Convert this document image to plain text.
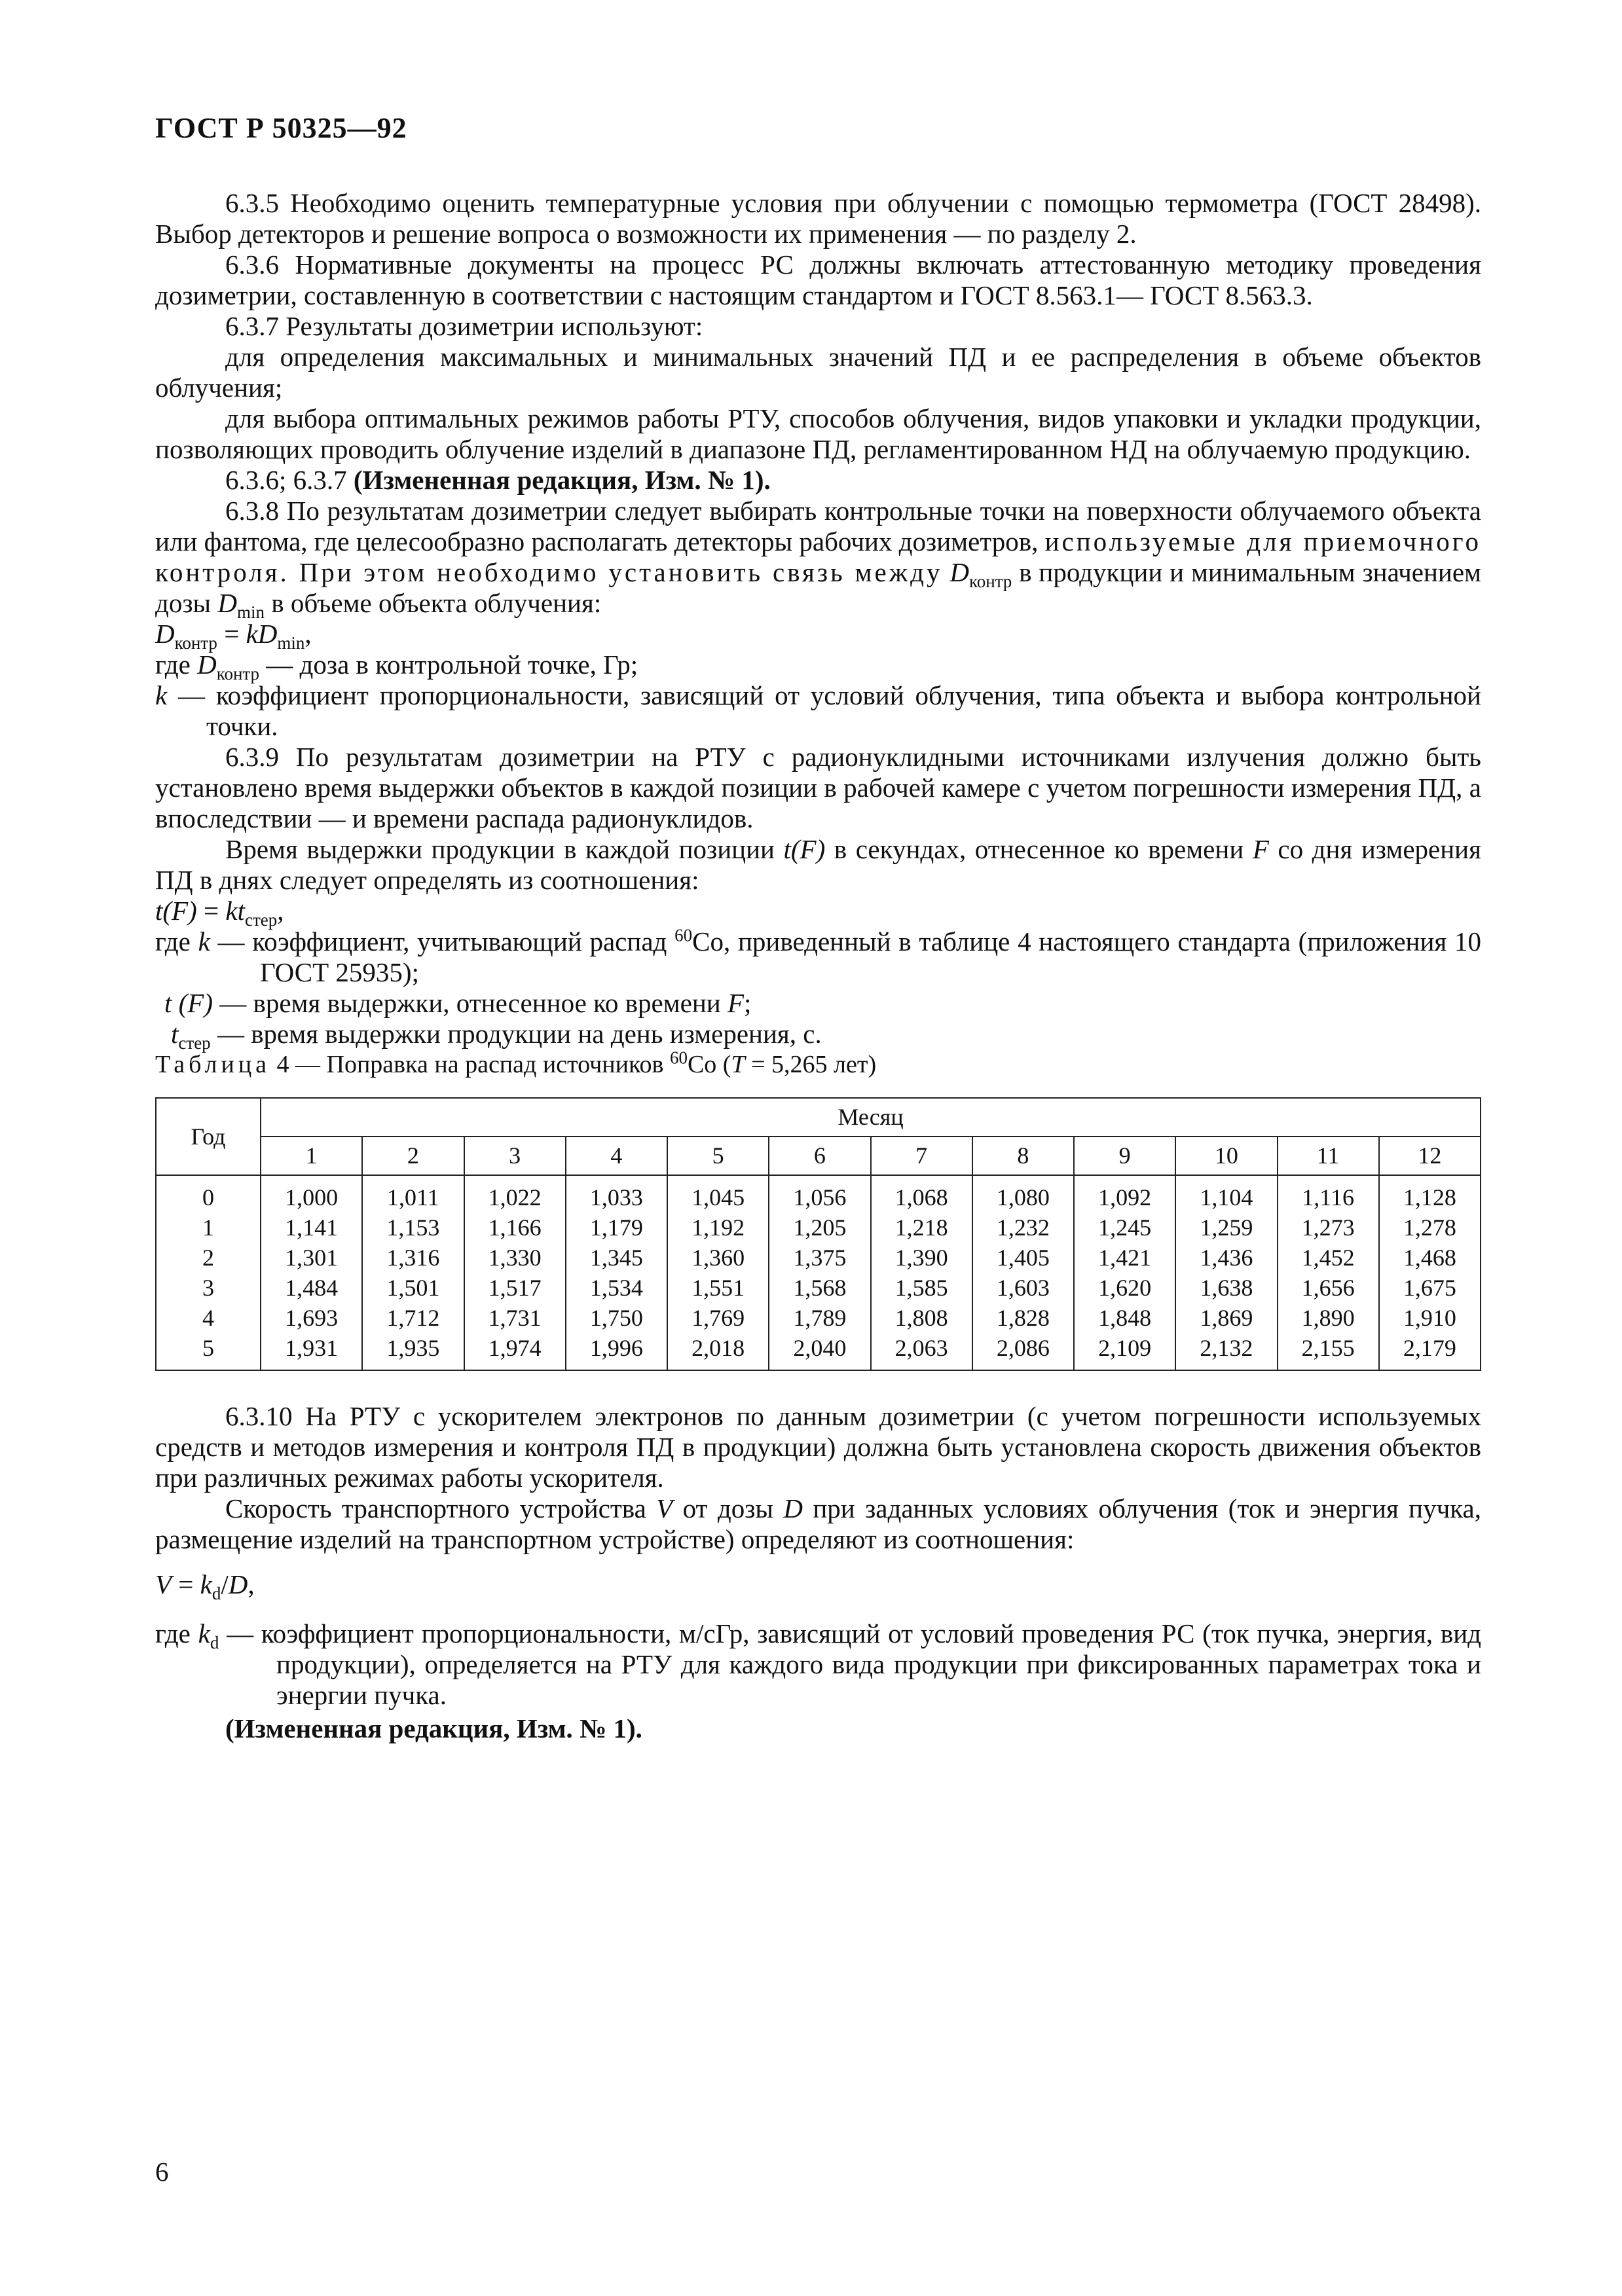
ГОСТ Р 50325—92

6.3.5 Необходимо оценить температурные условия при облучении с помощью термометра (ГОСТ 28498). Выбор детекторов и решение вопроса о возможности их применения — по разделу 2.

6.3.6 Нормативные документы на процесс РС должны включать аттестованную методику проведения дозиметрии, составленную в соответствии с настоящим стандартом и ГОСТ 8.563.1— ГОСТ 8.563.3.

6.3.7 Результаты дозиметрии используют:

для определения максимальных и минимальных значений ПД и ее распределения в объеме объектов облучения;

для выбора оптимальных режимов работы РТУ, способов облучения, видов упаковки и укладки продукции, позволяющих проводить облучение изделий в диапазоне ПД, регламентированном НД на облучаемую продукцию.

6.3.6; 6.3.7 (Измененная редакция, Изм. № 1).

6.3.8 По результатам дозиметрии следует выбирать контрольные точки на поверхности облучаемого объекта или фантома, где целесообразно располагать детекторы рабочих дозиметров, используемые для приемочного контроля. При этом необходимо установить связь между $D_{контр}$ в продукции и минимальным значением дозы $D_{min}$ в объеме объекта облучения:

$D_{контр} = kD_{min}$,

где $D_{контр}$ — доза в контрольной точке, Гр;

k — коэффициент пропорциональности, зависящий от условий облучения, типа объекта и выбора контрольной точки.

6.3.9 По результатам дозиметрии на РТУ с радионуклидными источниками излучения должно быть установлено время выдержки объектов в каждой позиции в рабочей камере с учетом погрешности измерения ПД, а впоследствии — и времени распада радионуклидов.

Время выдержки продукции в каждой позиции t(F) в секундах, отнесенное ко времени F со дня измерения ПД в днях следует определять из соотношения:

$t(F) = kt_{стер}$,

где k — коэффициент, учитывающий распад $^{60}$Co, приведенный в таблице 4 настоящего стандарта (приложения 10 ГОСТ 25935);

t (F) — время выдержки, отнесенное ко времени F;

$t_{стер}$ — время выдержки продукции на день измерения, с.

Таблица 4 — Поправка на распад источников $^{60}$Co (T = 5,265 лет)

Год	Месяц											
	1	2	3	4	5	6	7	8	9	10	11	12
0	1,000	1,011	1,022	1,033	1,045	1,056	1,068	1,080	1,092	1,104	1,116	1,128
1	1,141	1,153	1,166	1,179	1,192	1,205	1,218	1,232	1,245	1,259	1,273	1,278
2	1,301	1,316	1,330	1,345	1,360	1,375	1,390	1,405	1,421	1,436	1,452	1,468
3	1,484	1,501	1,517	1,534	1,551	1,568	1,585	1,603	1,620	1,638	1,656	1,675
4	1,693	1,712	1,731	1,750	1,769	1,789	1,808	1,828	1,848	1,869	1,890	1,910
5	1,931	1,935	1,974	1,996	2,018	2,040	2,063	2,086	2,109	2,132	2,155	2,179

6.3.10 На РТУ с ускорителем электронов по данным дозиметрии (с учетом погрешности используемых средств и методов измерения и контроля ПД в продукции) должна быть установлена скорость движения объектов при различных режимах работы ускорителя.

Скорость транспортного устройства V от дозы D при заданных условиях облучения (ток и энергия пучка, размещение изделий на транспортном устройстве) определяют из соотношения:

$V = k_d/D$,

где $k_d$ — коэффициент пропорциональности, м/сГр, зависящий от условий проведения РС (ток пучка, энергия, вид продукции), определяется на РТУ для каждого вида продукции при фиксированных параметрах тока и энергии пучка.

(Измененная редакция, Изм. № 1).

6
